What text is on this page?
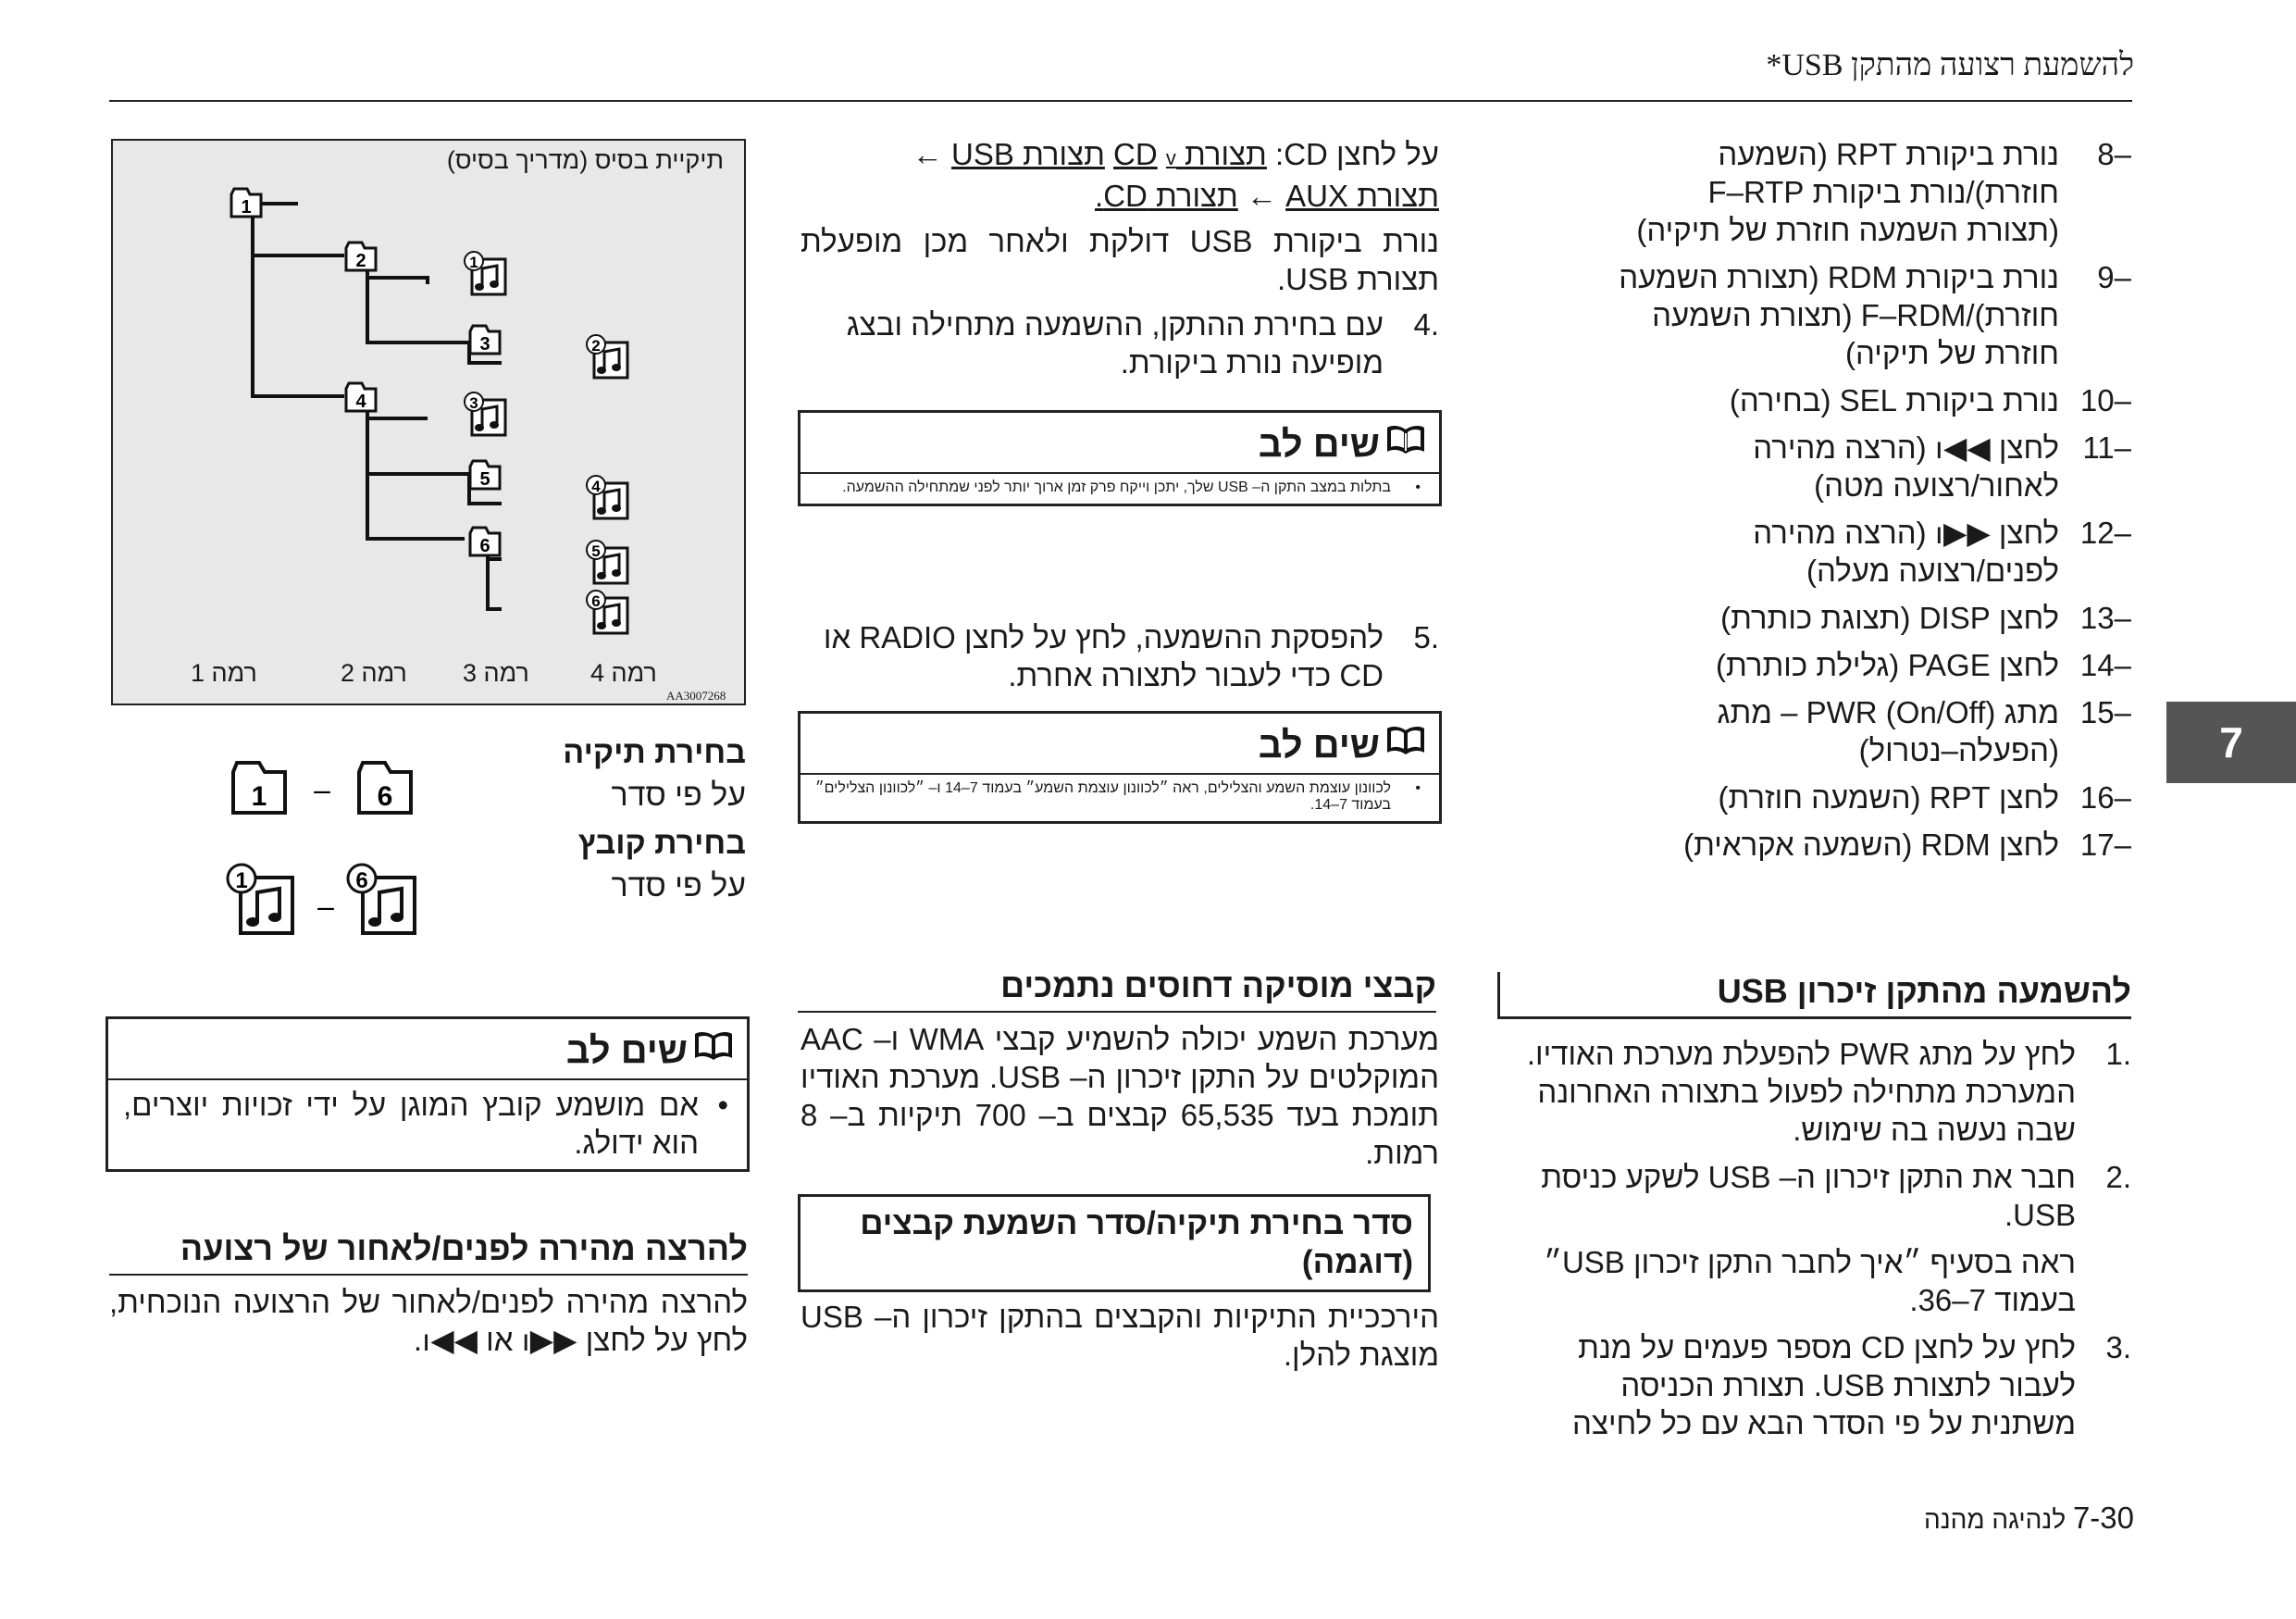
להשמעת רצועה מהתקן USB*
–8
נורת ביקורת RPT (השמעה חוזרת)/נורת ביקורת F–RTP (תצורת השמעה חוזרת של תיקיה)
–9
נורת ביקורת RDM (תצורת השמעה חוזרת)/F–RDM (תצורת השמעה חוזרת של תיקיה)
–10
נורת ביקורת SEL (בחירה)
–11
לחצן ◀◀ı (הרצה מהירה לאחור/רצועה מטה)
–12
לחצן ▶▶ı (הרצה מהירה לפנים/רצועה מעלה)
–13
לחצן DISP (תצוגת כותרת)
–14
לחצן PAGE (גלילת כותרת)
–15
מתג PWR (On/Off) – מתג (הפעלה–נטרול)
–16
לחצן RPT (השמעה חוזרת)
–17
לחצן RDM (השמעה אקראית)
להשמעה מהתקן זיכרון USB
.1
לחץ על מתג PWR להפעלת מערכת האודיו. המערכת מתחילה לפעול בתצורה האחרונה שבה נעשה בה שימוש.
.2
חבר את התקן זיכרון ה– USB לשקע כניסת USB.
ראה בסעיף ״איך לחבר התקן זיכרון USB״ בעמוד 7–36.
.3
לחץ על לחצן CD מספר פעמים על מנת לעבור לתצורת USB. תצורת הכניסה משתנית על פי הסדר הבא עם כל לחיצה
על לחצן CD: תצורת CD v תצורת USB ←
תצורת AUX ← תצורת CD.
נורת ביקורת USB דולקת ולאחר מכן מופעלת תצורת USB.
.4
עם בחירת ההתקן, ההשמעה מתחילה ובצג מופיעה נורת ביקורת.
שים לב
• בתלות במצב התקן ה– USB שלך, יתכן וייקח פרק זמן ארוך יותר לפני שמתחילה ההשמעה.
.5
להפסקת ההשמעה, לחץ על לחצן RADIO או CD כדי לעבור לתצורה אחרת.
שים לב
• לכוונון עוצמת השמע והצלילים, ראה ״לכוונון עוצמת השמע״ בעמוד 7–14 ו– ״לכוונון הצלילים״ בעמוד 7–14.
קבצי מוסיקה דחוסים נתמכים
מערכת השמע יכולה להשמיע קבצי WMA ו– AAC המוקלטים על התקן זיכרון ה– USB. מערכת האודיו תומכת בעד 65,535 קבצים ב– 700 תיקיות ב– 8 רמות.
סדר בחירת תיקיה/סדר השמעת קבצים (דוגמה)
הירככיית התיקיות והקבצים בהתקן זיכרון ה– USB מוצגת להלן.
1
2
3
4
5
6
1
2
3
4
5
6
תיקיית בסיס (מדריך בסיס)
רמה 1	רמה 2 רמה 3 רמה 4
AA3007268
בחירת תיקיה
על פי סדר
בחירת קובץ
על פי סדר
1 – 6
1
–
6
שים לב
• אם מושמע קובץ המוגן על ידי זכויות יוצרים, הוא ידולג.
להרצה מהירה לפנים/לאחור של רצועה
להרצה מהירה לפנים/לאחור של הרצועה הנוכחית, לחץ על לחצן ▶▶ı או ◀◀ı.
7
7-30 לנהיגה מהנה
